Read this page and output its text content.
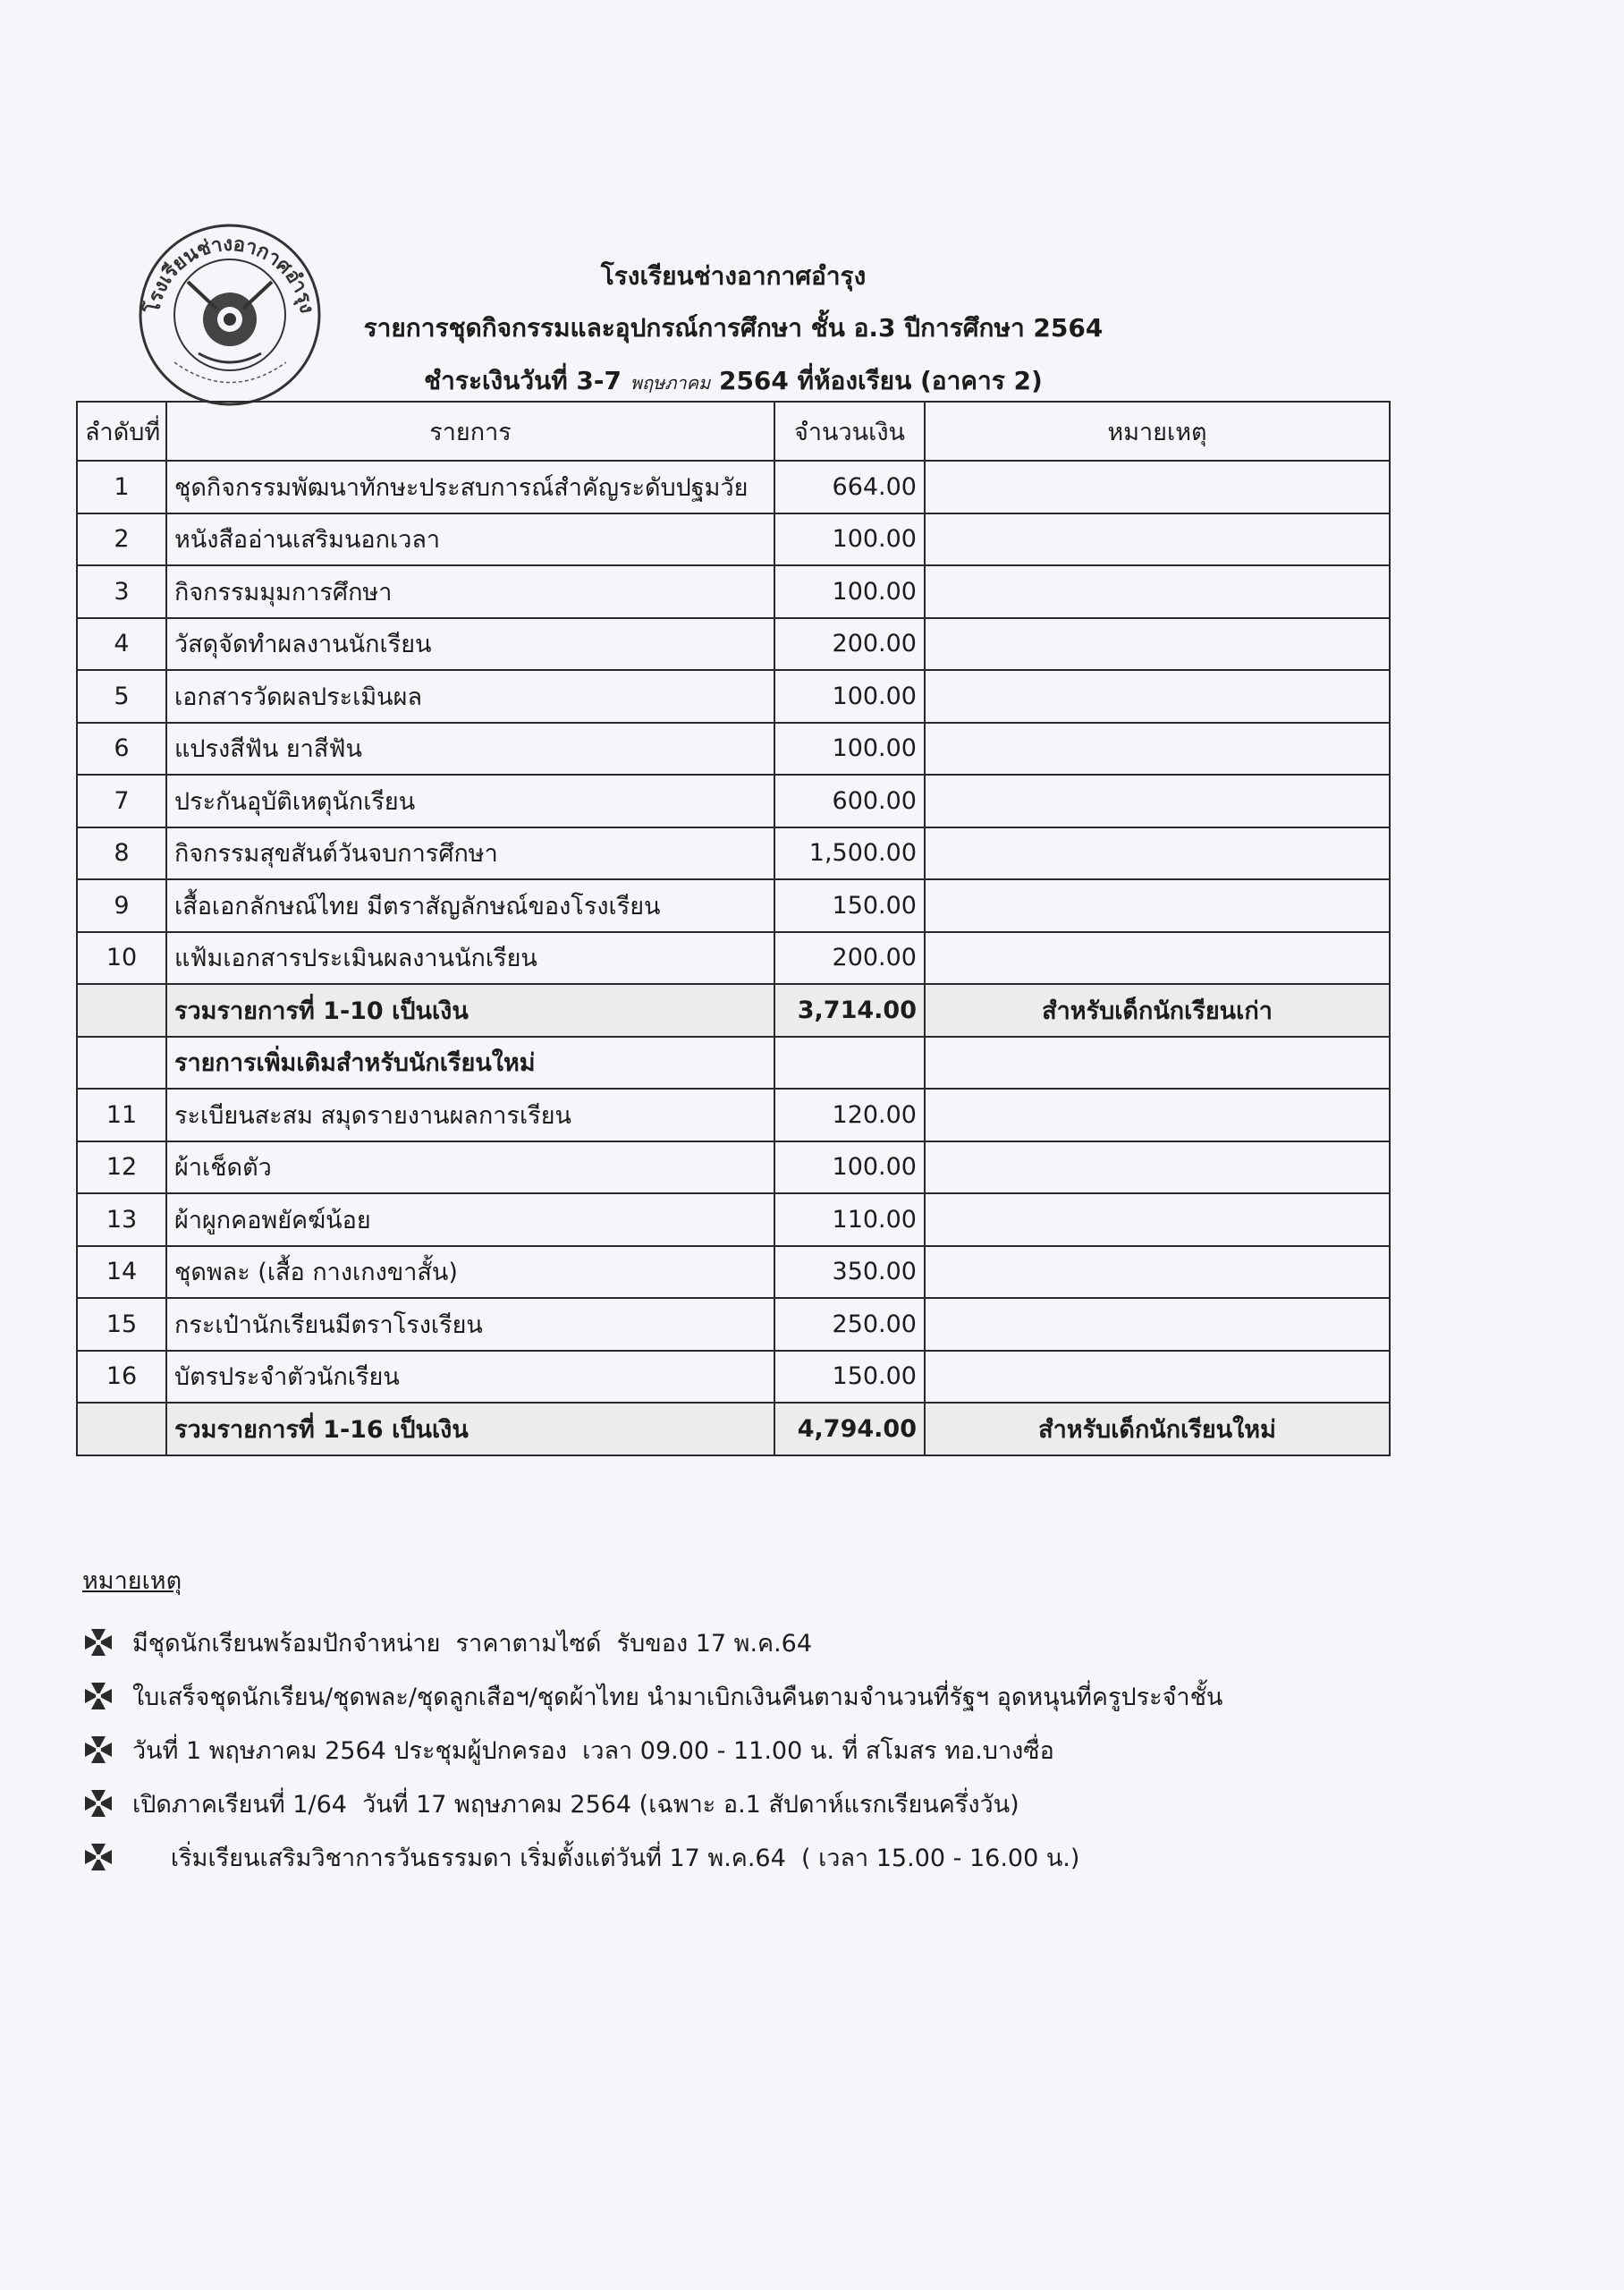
โรงเรียนช่างอากาศอำรุง
โรงเรียนช่างอากาศอำรุง
รายการชุดกิจกรรมและอุปกรณ์การศึกษา ชั้น อ.3 ปีการศึกษา 2564
ชำระเงินวันที่ 3-7 พฤษภาคม 2564 ที่ห้องเรียน (อาคาร 2)
ลำดับที่	รายการ	จำนวนเงิน	หมายเหตุ
1	ชุดกิจกรรมพัฒนาทักษะประสบการณ์สำคัญระดับปฐมวัย	664.00	
2	หนังสืออ่านเสริมนอกเวลา	100.00	
3	กิจกรรมมุมการศึกษา	100.00	
4	วัสดุจัดทำผลงานนักเรียน	200.00	
5	เอกสารวัดผลประเมินผล	100.00	
6	แปรงสีฟัน ยาสีฟัน	100.00	
7	ประกันอุบัติเหตุนักเรียน	600.00	
8	กิจกรรมสุขสันต์วันจบการศึกษา	1,500.00	
9	เสื้อเอกลักษณ์ไทย มีตราสัญลักษณ์ของโรงเรียน	150.00	
10	แฟ้มเอกสารประเมินผลงานนักเรียน	200.00	
	รวมรายการที่ 1-10 เป็นเงิน	3,714.00	สำหรับเด็กนักเรียนเก่า
	รายการเพิ่มเติมสำหรับนักเรียนใหม่		
11	ระเบียนสะสม สมุดรายงานผลการเรียน	120.00	
12	ผ้าเช็ดตัว	100.00	
13	ผ้าผูกคอพยัคฆ์น้อย	110.00	
14	ชุดพละ (เสื้อ กางเกงขาสั้น)	350.00	
15	กระเป๋านักเรียนมีตราโรงเรียน	250.00	
16	บัตรประจำตัวนักเรียน	150.00	
	รวมรายการที่ 1-16 เป็นเงิน	4,794.00	สำหรับเด็กนักเรียนใหม่
หมายเหตุ
มีชุดนักเรียนพร้อมปักจำหน่าย  ราคาตามไซด์  รับของ 17 พ.ค.64
ใบเสร็จชุดนักเรียน/ชุดพละ/ชุดลูกเสือฯ/ชุดผ้าไทย นำมาเบิกเงินคืนตามจำนวนที่รัฐฯ อุดหนุนที่ครูประจำชั้น
วันที่ 1 พฤษภาคม 2564 ประชุมผู้ปกครอง  เวลา 09.00 - 11.00 น. ที่ สโมสร ทอ.บางซื่อ
เปิดภาคเรียนที่ 1/64  วันที่ 17 พฤษภาคม 2564 (เฉพาะ อ.1 สัปดาห์แรกเรียนครึ่งวัน)
เริ่มเรียนเสริมวิชาการวันธรรมดา เริ่มตั้งแต่วันที่ 17 พ.ค.64  ( เวลา 15.00 - 16.00 น.)
